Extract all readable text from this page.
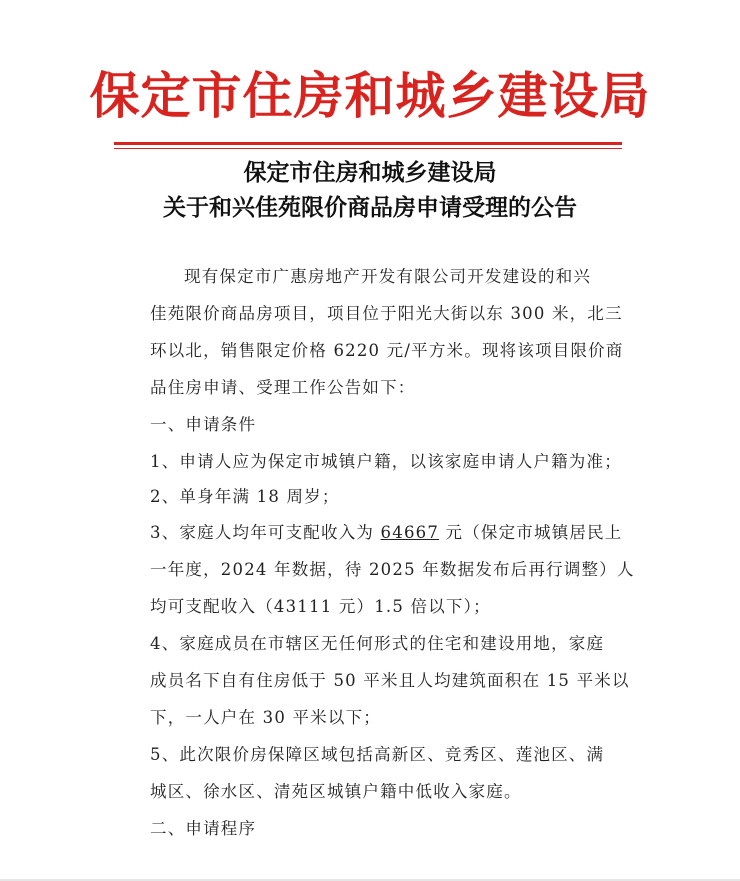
保定市住房和城乡建设局
保定市住房和城乡建设局
关于和兴佳苑限价商品房申请受理的公告
现有保定市广惠房地产开发有限公司开发建设的和兴
佳苑限价商品房项目，项目位于阳光大街以东 300 米，北三
环以北，销售限定价格 6220 元/平方米。现将该项目限价商
品住房申请、受理工作公告如下：
一、申请条件
1、申请人应为保定市城镇户籍，以该家庭申请人户籍为准；
2、单身年满 18 周岁；
3、家庭人均年可支配收入为 64667 元（保定市城镇居民上
一年度，2024 年数据，待 2025 年数据发布后再行调整）人
均可支配收入（43111 元）1.5 倍以下）；
4、家庭成员在市辖区无任何形式的住宅和建设用地，家庭
成员名下自有住房低于 50 平米且人均建筑面积在 15 平米以
下，一人户在 30 平米以下；
5、此次限价房保障区域包括高新区、竞秀区、莲池区、满
城区、徐水区、清苑区城镇户籍中低收入家庭。
二、申请程序
